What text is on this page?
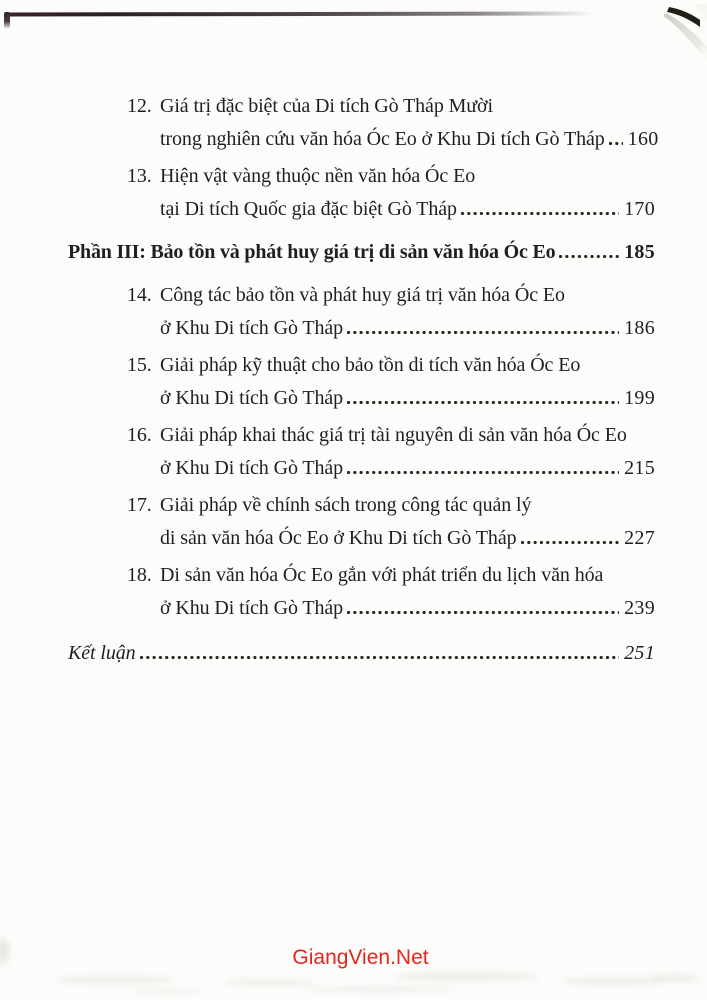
12. Giá trị đặc biệt của Di tích Gò Tháp Mười
trong nghiên cứu văn hóa Óc Eo ở Khu Di tích Gò Tháp 160
13. Hiện vật vàng thuộc nền văn hóa Óc Eo
tại Di tích Quốc gia đặc biệt Gò Tháp	170
Phần III: Bảo tồn và phát huy giá trị di sản văn hóa Óc Eo	185
14. Công tác bảo tồn và phát huy giá trị văn hóa Óc Eo
ở Khu Di tích Gò Tháp	186
15. Giải pháp kỹ thuật cho bảo tồn di tích văn hóa Óc Eo
ở Khu Di tích Gò Tháp	199
16. Giải pháp khai thác giá trị tài nguyên di sản văn hóa Óc Eo
ở Khu Di tích Gò Tháp	215
17. Giải pháp về chính sách trong công tác quản lý
di sản văn hóa Óc Eo ở Khu Di tích Gò Tháp	227
18. Di sản văn hóa Óc Eo gắn với phát triển du lịch văn hóa
ở Khu Di tích Gò Tháp	239
Kết luận	251
GiangVien.Net
